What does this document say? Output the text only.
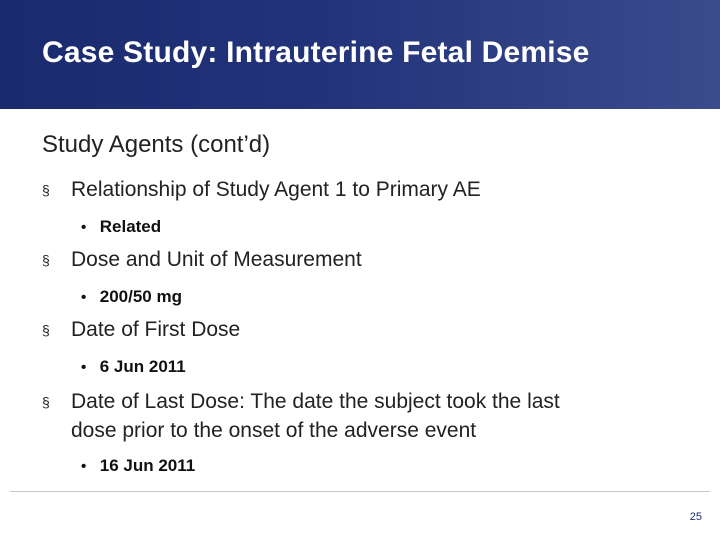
Case Study: Intrauterine Fetal Demise
Study Agents (cont’d)
§ Relationship of Study Agent 1 to Primary AE
• Related
§ Dose and Unit of Measurement
• 200/50 mg
§ Date of First Dose
• 6 Jun 2011
§ Date of Last Dose: The date the subject took the last
dose prior to the onset of the adverse event
• 16 Jun 2011
25
